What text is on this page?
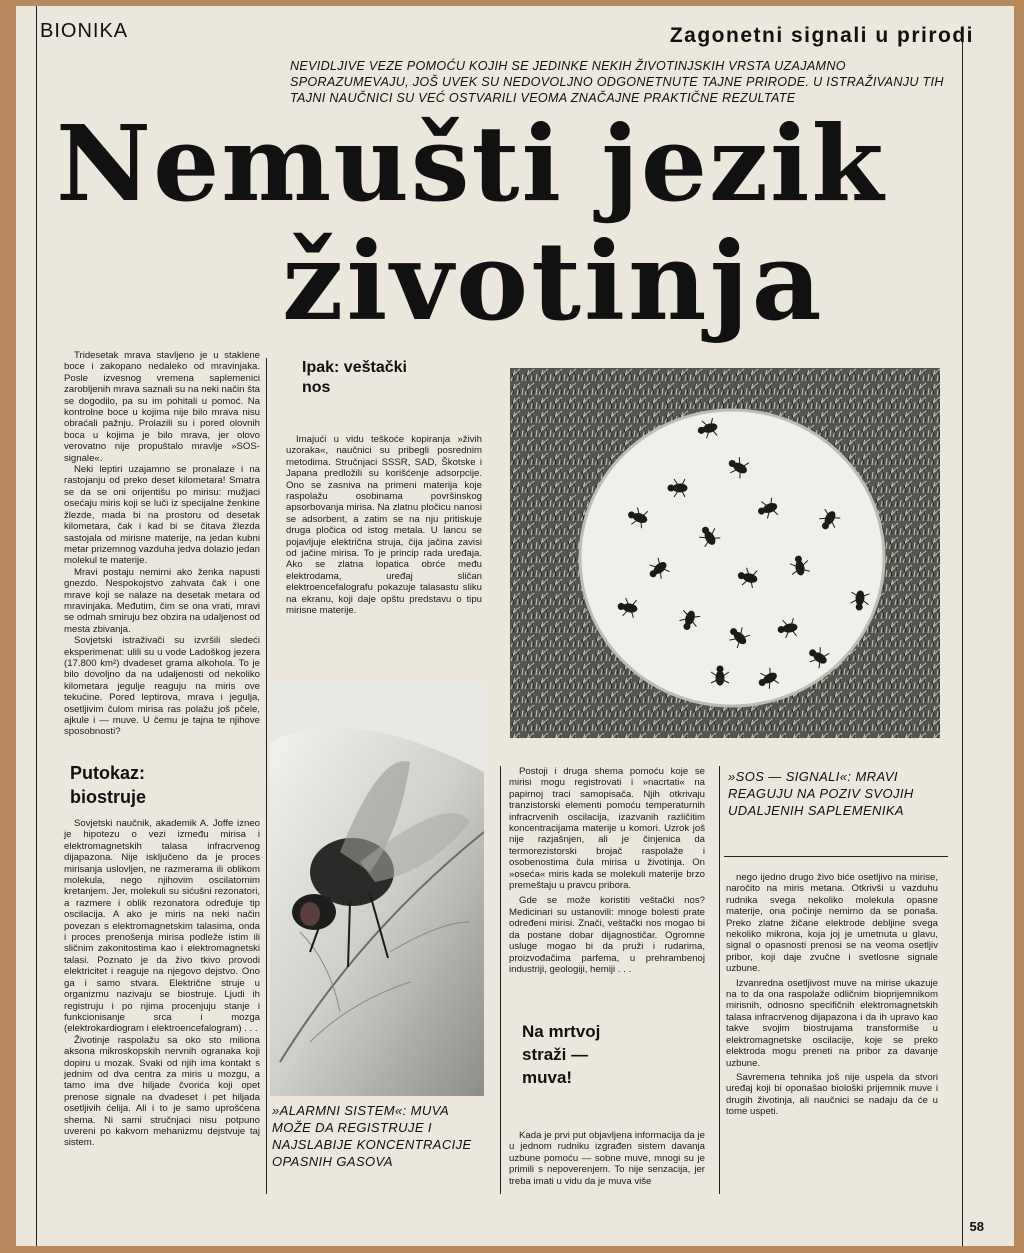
BIONIKA	Zagonetni signali u prirodi
NEVIDLJIVE VEZE POMOĆU KOJIH SE JEDINKE NEKIH ŽIVOTINJSKIH VRSTA UZAJAMNO SPORAZUMEVAJU, JOŠ UVEK SU NEDOVOLJNO ODGONETNUTE TAJNE PRIRODE. U ISTRAŽIVANJU TIH TAJNI NAUČNICI SU VEĆ OSTVARILI VEOMA ZNAČAJNE PRAKTIČNE REZULTATE
Nemušti jezik
životinja

Tridesetak mrava stavljeno je u staklene boce i zakopano nedaleko od mravinjaka. Posle izvesnog vremena saplemenici zarobljenih mrava saznali su na neki način šta se dogodilo, pa su im pohitali u pomoć. Na kontrolne boce u kojima nije bilo mrava nisu obraćali pažnju. Prolazili su i pored olovnih boca u kojima je bilo mrava, jer olovo verovatno nije propuštalo mravlje »SOS-signale«.

Neki leptiri uzajamno se pronalaze i na rastojanju od preko deset kilometara! Smatra se da se oni orijentišu po mirisu: mužjaci osećaju miris koji se luči iz specijalne ženkine žlezde, mada bi na prostoru od desetak kilometara, čak i kad bi se čitava žlezda sastojala od mirisne materije, na jedan kubni metar prizemnog vazduha jedva dolazio jedan molekul te materije.

Mravi postaju nemirni ako ženka napusti gnezdo. Nespokojstvo zahvata čak i one mrave koji se nalaze na desetak metara od mravinjaka. Međutim, čim se ona vrati, mravi se odmah smiruju bez obzira na udaljenost od mesta zbivanja.

Sovjetski istraživači su izvršili sledeći eksperimenat: ulili su u vode Ladoškog jezera (17.800 km²) dvadeset grama alkohola. To je bilo dovoljno da na udaljenosti od nekoliko kilometara jegulje reaguju na miris ove tekućine. Pored leptirova, mrava i jegulja, osetljivim čulom mirisa ras polažu još pčele, ajkule i — muve. U čemu je tajna te njihove sposobnosti?

Putokaz: biostruje

Sovjetski naučnik, akademik A. Joffe izneo je hipotezu o vezi između mirisa i elektromagnetskih talasa infracrvenog dijapazona. Nije isključeno da je proces mirisanja uslovljen, ne razmerama ili oblikom molekula, nego njihovim oscilatornim kretanjem. Jer, molekuli su sićušni rezonatori, a razmere i oblik rezonatora određuje tip oscilacija. A ako je miris na neki način povezan s elektromagnetskim talasima, onda i proces prenošenja mirisa podleže istim ili sličnim zakonitostima kao i elektromagnetski talasi. Poznato je da živo tkivo provodi elektricitet i reaguje na njegovo dejstvo. Ono ga i samo stvara. Električne struje u organizmu nazivaju se biostruje. Ljudi ih registruju i po njima procenjuju stanje i funkcionisanje srca i mozga (elektrokardiogram i elektroencefalogram) . . .

Životinje raspolažu sa oko sto miliona aksona mikroskopskih nervnih ogranaka koji dopiru u mozak. Svaki od njih ima kontakt s jednim od dva centra za miris u mozgu, a tamo ima dve hiljade čvorića koji opet prenose signale na dvadeset i pet hiljada osetljivih ćelija. Ali i to je samo uprošćena shema. Ni sami stručnjaci nisu potpuno uvereni po kakvom mehanizmu dejstvuje taj sistem.

Ipak: veštački nos

Imajući u vidu teškoće kopiranja »živih uzoraka«, naučnici su pribegli posrednim metodima. Stručnjaci SSSR, SAD, Škotske i Japana predložili su korišćenje adsorpcije. Ono se zasniva na primeni materija koje raspolažu osobinama površinskog apsorbovanja mirisa. Na zlatnu pločicu nanosi se adsorbent, a zatim se na nju pritiskuje druga pločica od istog metala. U lancu se pojavljuje električna struja, čija jačina zavisi od jačine mirisa. To je princip rada uređaja. Ako se zlatna lopatica obrće među elektrodama, uređaj sličan elektroencefalografu pokazuje talasastu sliku na ekranu, koji daje opštu predstavu o tipu mirisne materije.

»ALARMNI SISTEM«: MUVA MOŽE DA REGISTRUJE I NAJSLABIJE KONCENTRACIJE OPASNIH GASOVA

Postoji i druga shema pomoću koje se mirisi mogu registrovati i »nacrtati« na papirnoj traci samopisača. Njih otkrivaju tranzistorski elementi pomoću temperaturnih infracrvenih oscilacija, izazvanih različitim koncentracijama materije u komori. Uzrok još nije razjašnjen, ali je činjenica da termorezistorski brojač raspolaže i osobenostima čula mirisa u životinja. On »oseća« miris kada se molekuli materije brzo premeštaju u pravcu pribora.

Gde se može koristiti veštački nos? Medicinari su ustanovili: mnoge bolesti prate određeni mirisi. Znači, veštački nos mogao bi da postane dobar dijagnostičar. Ogromne usluge mogao bi da pruži i rudarima, proizvođačima parfema, u prehrambenoj industriji, geologiji, hemiji . . .

Na mrtvoj straži — muva!

Kada je prvi put objavljena informacija da je u jednom rudniku izgrađen sistem davanja uzbune pomoću — sobne muve, mnogi su je primili s nepoverenjem. To nije senzacija, jer treba imati u vidu da je muva više

»SOS — SIGNALI«: MRAVI REAGUJU NA POZIV SVOJIH UDALJENIH SAPLEMENIKA

nego ijedno drugo živo biće osetljivo na mirise, naročito na miris metana. Otkrivši u vazduhu rudnika svega nekoliko molekula opasne materije, ona počinje nemirno da se ponaša. Preko zlatne žičane elektrode debljine svega nekoliko mikrona, koja joj je umetnuta u glavu, signal o opasnosti prenosi se na veoma osetljiv pribor, koji daje zvučne i svetlosne signale uzbune.

Izvanredna osetljivost muve na mirise ukazuje na to da ona raspolaže odličnim bioprijemnikom mirisnih, odnosno specifičnih elektromagnetskih talasa infracrvenog dijapazona i da ih upravo kao takve svojim biostrujama transformiše u elektromagnetske oscilacije, koje se preko elektroda mogu preneti na pribor za davanje uzbune.

Savremena tehnika još nije uspela da stvori uređaj koji bi oponašao biološki prijemnik muve i drugih životinja, ali naučnici se nadaju da će u tome uspeti.

58
